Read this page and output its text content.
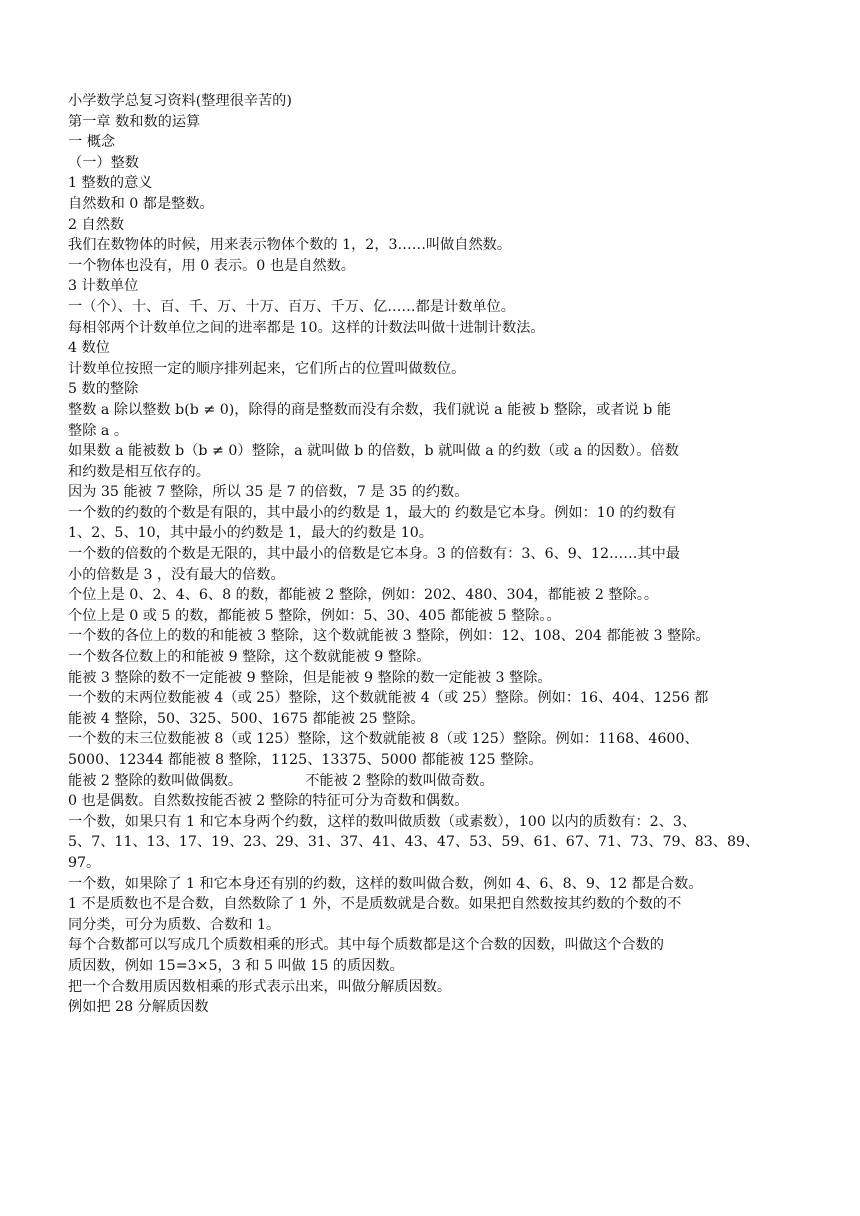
小学数学总复习资料(整理很辛苦的)

第一章 数和数的运算

一 概念

（一）整数

1 整数的意义

自然数和 0 都是整数。

2 自然数

我们在数物体的时候，用来表示物体个数的 1，2，3……叫做自然数。

一个物体也没有，用 0 表示。0 也是自然数。

3 计数单位

一（个）、十、百、千、万、十万、百万、千万、亿……都是计数单位。

每相邻两个计数单位之间的进率都是 10。这样的计数法叫做十进制计数法。

4 数位

计数单位按照一定的顺序排列起来，它们所占的位置叫做数位。

5 数的整除

整数 a 除以整数 b(b ≠ 0)，除得的商是整数而没有余数，我们就说 a 能被 b 整除，或者说 b 能

整除 a 。

如果数 a 能被数 b（b ≠ 0）整除，a 就叫做 b 的倍数，b 就叫做 a 的约数（或 a 的因数）。倍数

和约数是相互依存的。

因为 35 能被 7 整除，所以 35 是 7 的倍数，7 是 35 的约数。

一个数的约数的个数是有限的，其中最小的约数是 1，最大的 约数是它本身。例如：10 的约数有

1、2、5、10，其中最小的约数是 1，最大的约数是 10。

一个数的倍数的个数是无限的，其中最小的倍数是它本身。3 的倍数有：3、6、9、12……其中最

小的倍数是 3 ，没有最大的倍数。

个位上是 0、2、4、6、8 的数，都能被 2 整除，例如：202、480、304，都能被 2 整除。。

个位上是 0 或 5 的数，都能被 5 整除，例如：5、30、405 都能被 5 整除。。

一个数的各位上的数的和能被 3 整除，这个数就能被 3 整除，例如：12、108、204 都能被 3 整除。

一个数各位数上的和能被 9 整除，这个数就能被 9 整除。

能被 3 整除的数不一定能被 9 整除，但是能被 9 整除的数一定能被 3 整除。

一个数的末两位数能被 4（或 25）整除，这个数就能被 4（或 25）整除。例如：16、404、1256 都

能被 4 整除，50、325、500、1675 都能被 25 整除。

一个数的末三位数能被 8（或 125）整除，这个数就能被 8（或 125）整除。例如：1168、4600、

5000、12344 都能被 8 整除，1125、13375、5000 都能被 125 整除。

能被 2 整除的数叫做偶数。              不能被 2 整除的数叫做奇数。

0 也是偶数。自然数按能否被 2 整除的特征可分为奇数和偶数。

一个数，如果只有 1 和它本身两个约数，这样的数叫做质数（或素数），100 以内的质数有：2、3、

5、7、11、13、17、19、23、29、31、37、41、43、47、53、59、61、67、71、73、79、83、89、

97。

一个数，如果除了 1 和它本身还有别的约数，这样的数叫做合数，例如 4、6、8、9、12 都是合数。

1 不是质数也不是合数，自然数除了 1 外，不是质数就是合数。如果把自然数按其约数的个数的不

同分类，可分为质数、合数和 1。

每个合数都可以写成几个质数相乘的形式。其中每个质数都是这个合数的因数，叫做这个合数的

质因数，例如 15=3×5，3 和 5 叫做 15 的质因数。

把一个合数用质因数相乘的形式表示出来，叫做分解质因数。

例如把 28 分解质因数
